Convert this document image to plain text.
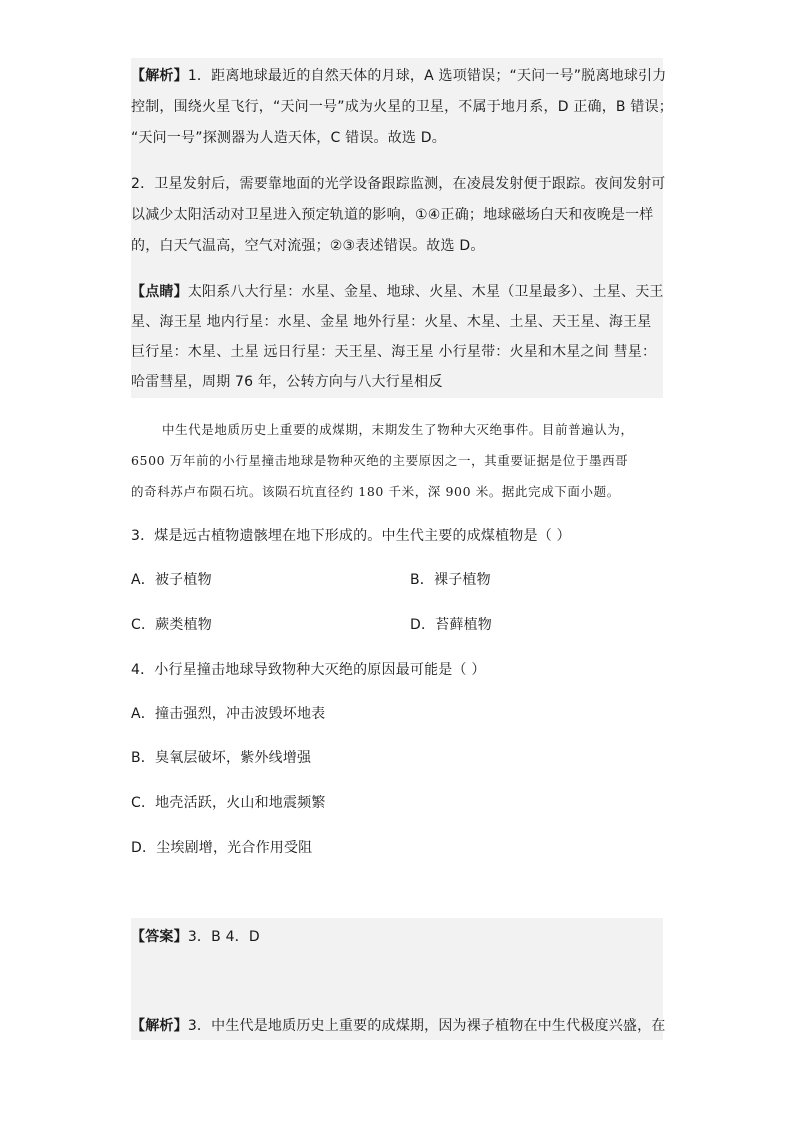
【解析】1．距离地球最近的自然天体的月球，A 选项错误；“天问一号”脱离地球引力
控制，围绕火星飞行，“天问一号”成为火星的卫星，不属于地月系，D 正确，B 错误；
“天问一号”探测器为人造天体，C 错误。故选 D。
2．卫星发射后，需要靠地面的光学设备跟踪监测，在凌晨发射便于跟踪。夜间发射可
以减少太阳活动对卫星进入预定轨道的影响，①④正确；地球磁场白天和夜晚是一样
的，白天气温高，空气对流强；②③表述错误。故选 D。
【点睛】太阳系八大行星：水星、金星、地球、火星、木星（卫星最多）、土星、天王
星、海王星 地内行星：水星、金星 地外行星：火星、木星、土星、天王星、海王星
巨行星：木星、土星 远日行星：天王星、海王星 小行星带：火星和木星之间 彗星：
哈雷彗星，周期 76 年，公转方向与八大行星相反
中生代是地质历史上重要的成煤期，末期发生了物种大灭绝事件。目前普遍认为，
6500 万年前的小行星撞击地球是物种灭绝的主要原因之一，其重要证据是位于墨西哥
的奇科苏卢布陨石坑。该陨石坑直径约 180 千米，深 900 米。据此完成下面小题。
3．煤是远古植物遗骸埋在地下形成的。中生代主要的成煤植物是（ ）
A．被子植物	B．裸子植物
C．蕨类植物	D．苔藓植物
4．小行星撞击地球导致物种大灭绝的原因最可能是（ ）
A．撞击强烈，冲击波毁坏地表
B．臭氧层破坏，紫外线增强
C．地壳活跃，火山和地震频繁
D．尘埃剧增，光合作用受阻
【答案】3．B 4．D
【解析】3．中生代是地质历史上重要的成煤期，因为裸子植物在中生代极度兴盛，在
